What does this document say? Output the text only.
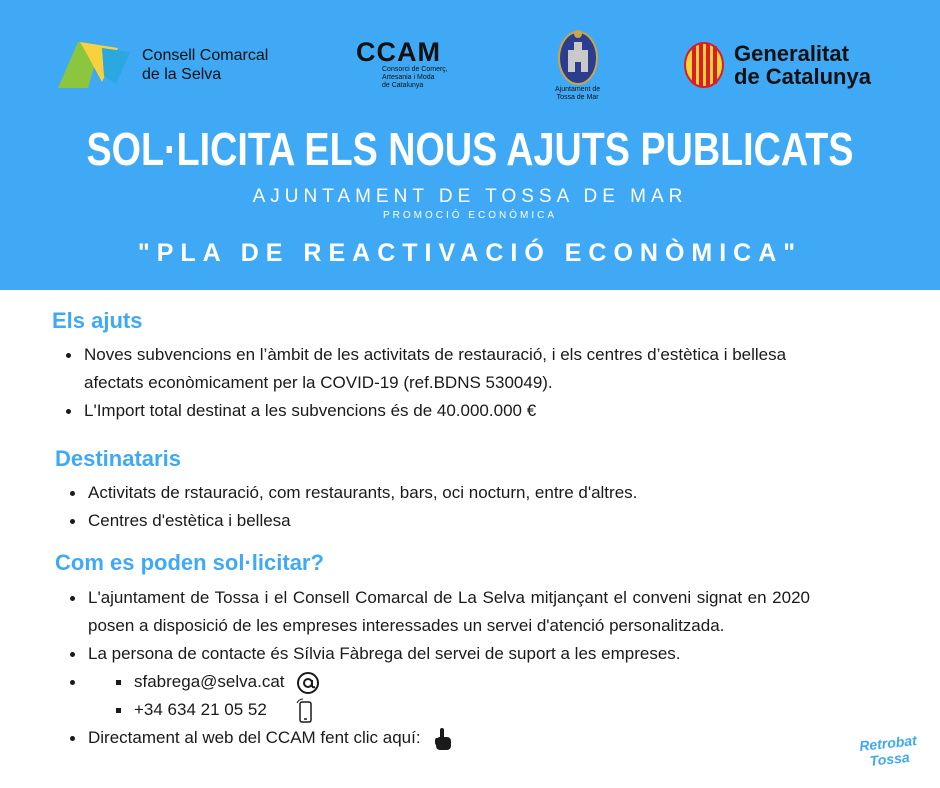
Consell Comarcal
de la Selva
CCAM
Consorci de Comerç,
Artesania i Moda
de Catalunya
Ajuntament de
Tossa de Mar
Generalitat
de Catalunya
SOL·LICITA ELS NOUS AJUTS PUBLICATS
AJUNTAMENT DE TOSSA DE MAR
PROMOCIÓ ECONÒMICA
"PLA DE REACTIVACIÓ ECONÒMICA"
Els ajuts
Noves subvencions en l’àmbit de les activitats de restauració, i els centres d’estètica i bellesa afectats econòmicament per la COVID-19 (ref.BDNS 530049).
L'Import total destinat a les subvencions és de 40.000.000 €
Destinataris
Activitats de rstauració, com restaurants, bars, oci nocturn, entre d'altres.
Centres d'estètica i bellesa
Com es poden sol·licitar?
L'ajuntament de Tossa i el Consell Comarcal de La Selva mitjançant el conveni signat en 2020 posen a disposició de les empreses interessades un servei d'atenció personalitzada.
La persona de contacte és Sílvia Fàbrega del servei de suport a les empreses.
sfabrega@selva.cat
+34 634 21 05 52
Directament al web del CCAM fent clic aquí:	Retrobat
Tossa
